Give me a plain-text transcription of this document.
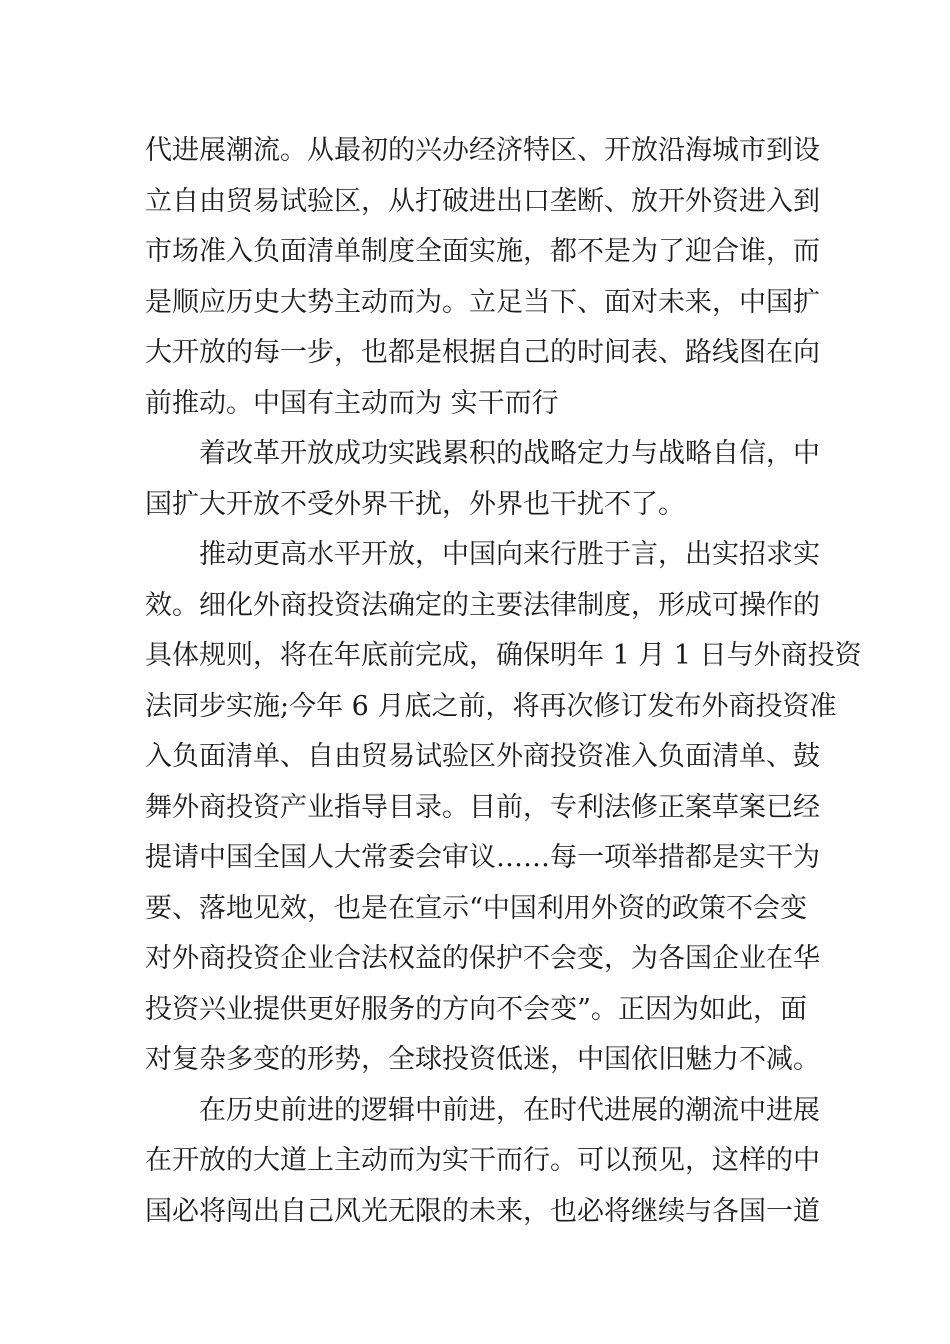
代进展潮流。从最初的兴办经济特区、开放沿海城市到设
立自由贸易试验区，从打破进出口垄断、放开外资进入到
市场准入负面清单制度全面实施，都不是为了迎合谁，而
是顺应历史大势主动而为。立足当下、面对未来，中国扩
大开放的每一步，也都是根据自己的时间表、路线图在向
前推动。中国有主动而为 实干而行
着改革开放成功实践累积的战略定力与战略自信，中
国扩大开放不受外界干扰，外界也干扰不了。
推动更高水平开放，中国向来行胜于言，出实招求实
效。细化外商投资法确定的主要法律制度，形成可操作的
具体规则，将在年底前完成，确保明年 1 月 1 日与外商投资
法同步实施;今年 6 月底之前，将再次修订发布外商投资准
入负面清单、自由贸易试验区外商投资准入负面清单、鼓
舞外商投资产业指导目录。目前，专利法修正案草案已经
提请中国全国人大常委会审议……每一项举措都是实干为
要、落地见效，也是在宣示“中国利用外资的政策不会变
对外商投资企业合法权益的保护不会变，为各国企业在华
投资兴业提供更好服务的方向不会变”。正因为如此，面
对复杂多变的形势，全球投资低迷，中国依旧魅力不减。
在历史前进的逻辑中前进，在时代进展的潮流中进展
在开放的大道上主动而为实干而行。可以预见，这样的中
国必将闯出自己风光无限的未来，也必将继续与各国一道
